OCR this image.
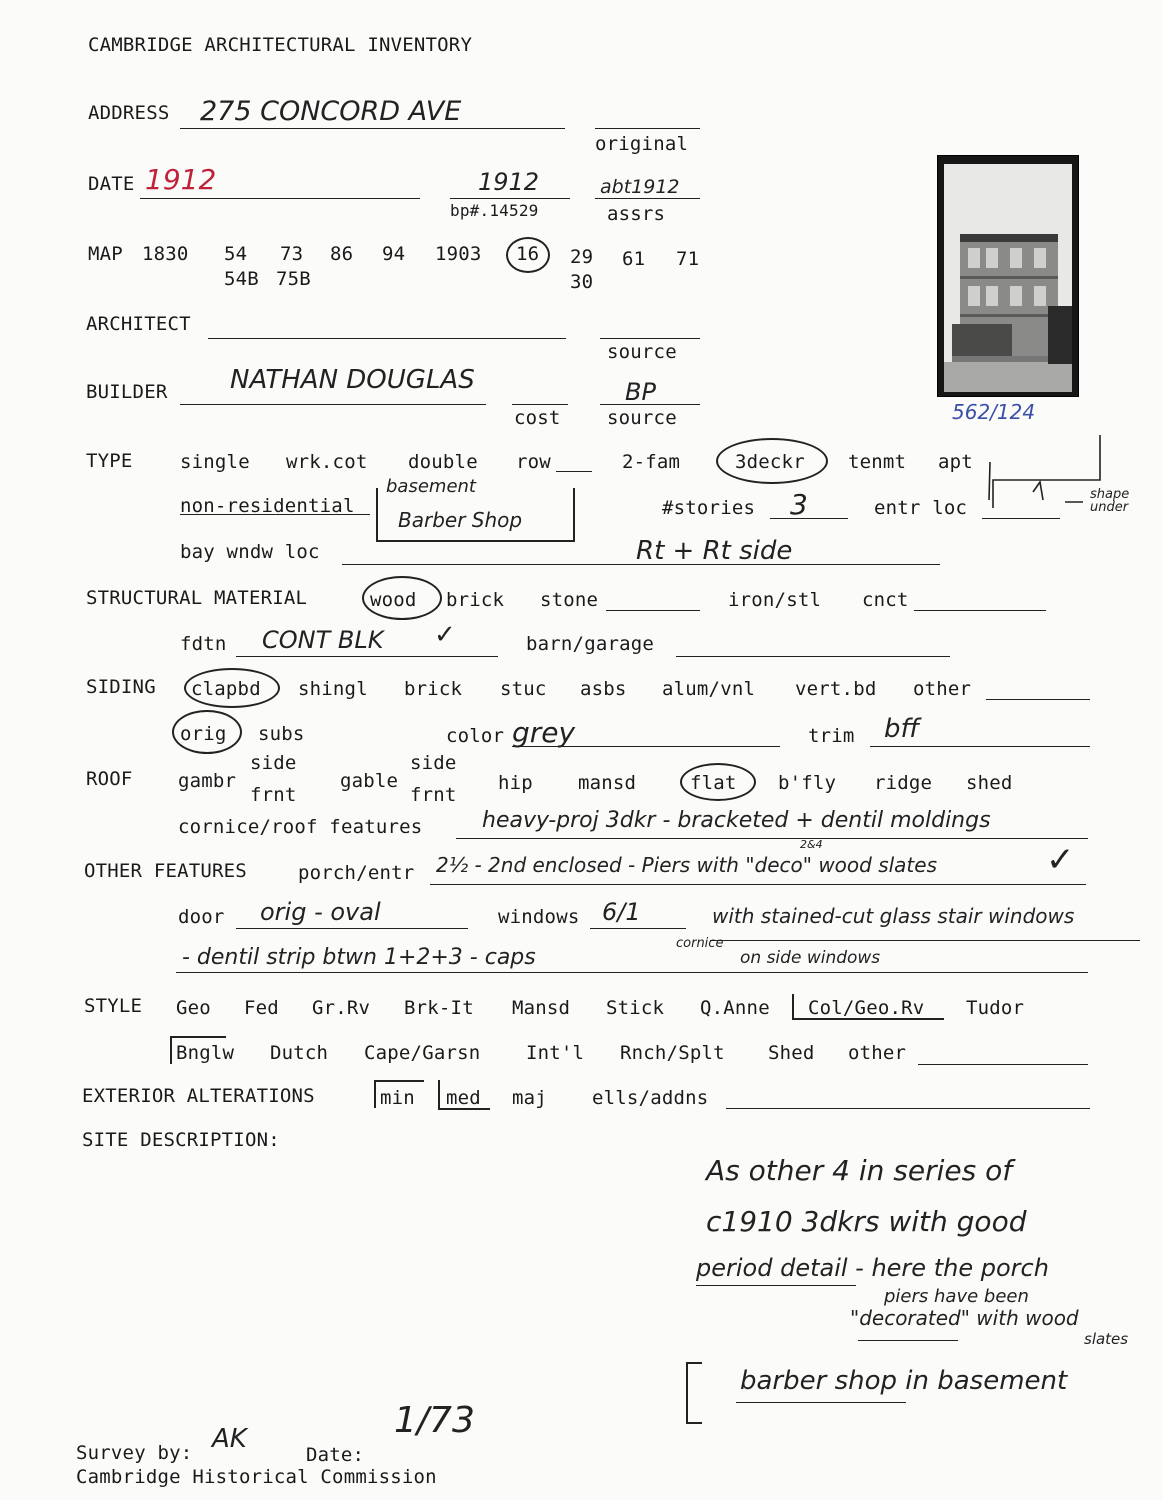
CAMBRIDGE ARCHITECTURAL INVENTORY
ADDRESS 275 CONCORD AVE
original
DATE 1912	1912
bp#.14529
abt1912
assrs
MAP 1830 54 73 86 94 1903 16 29 61 71
54B 75B	30
ARCHITECT
source
BUILDER NATHAN DOUGLAS
cost
BP
source	562/124
TYPE single wrk.cot double row	2-fam	3deckr tenmt apt
non-residential
basement
Barber Shop	#stories 3	entr loc
shape under
bay wndw loc	Rt + Rt side
STRUCTURAL MATERIAL	wood brick stone	iron/stl cnct
fdtn CONT BLK ✓	barn/garage
SIDING clapbd shingl brick stuc asbs alum/vnl vert.bd other
orig subs	color grey	trim bff
ROOF gambr
side
frnt
gable
side
frnt
hip mansd	flat b'fly ridge shed
cornice/roof features	heavy-proj 3dkr - bracketed + dentil moldings
OTHER FEATURES	porch/entr 2½ - 2nd enclosed - Piers with "deco" wood slates
2&4	✓
door orig - oval	windows 6/1	with stained-cut glass stair windows
- dentil strip btwn 1+2+3 - caps
cornice
on side windows
STYLE Geo Fed Gr.Rv Brk-It Mansd Stick Q.Anne Col/Geo.Rv Tudor
Bnglw Dutch Cape/Garsn Int'l Rnch/Splt Shed other
EXTERIOR ALTERATIONS	min med maj ells/addns
SITE DESCRIPTION:
As other 4 in series of
c1910 3dkrs with good
period detail - here the porch
piers have been
"decorated" with wood
slates
barber shop in basement
Survey by: AK
Date:
1/73
Cambridge Historical Commission
